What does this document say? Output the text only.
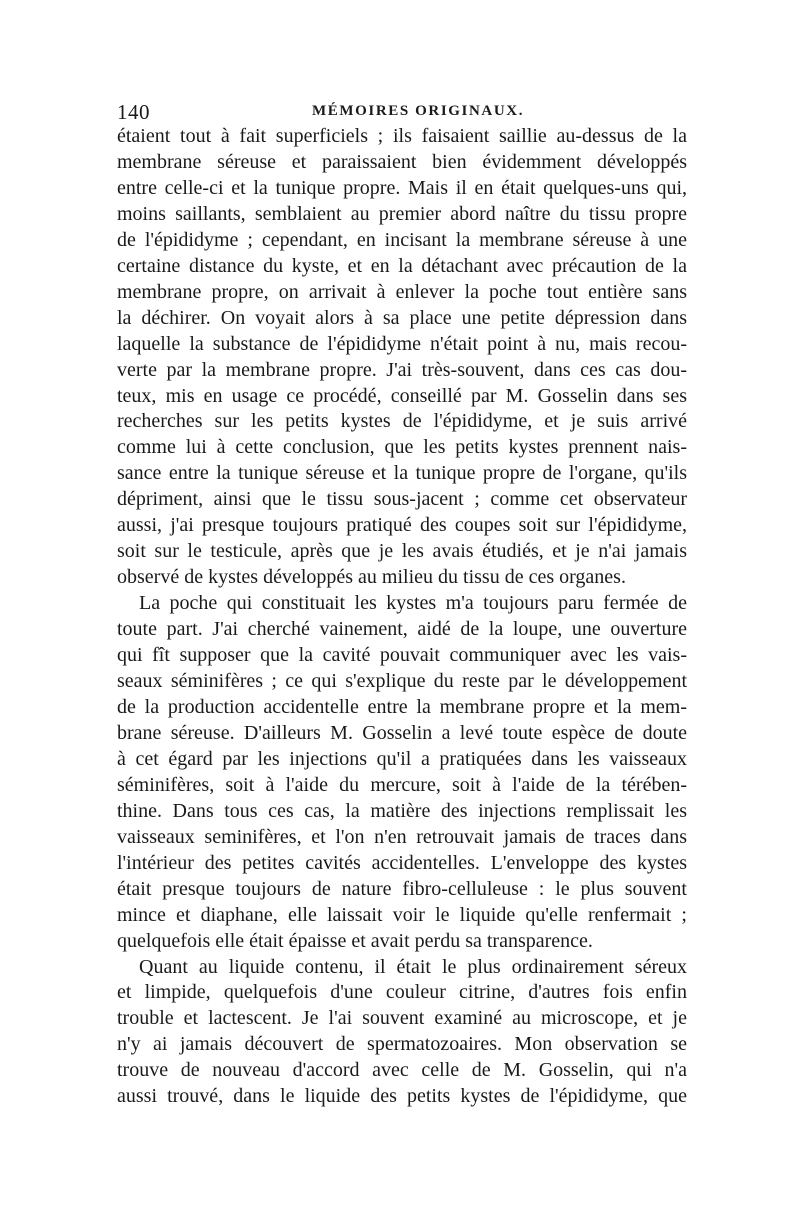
140	MÉMOIRES ORIGINAUX.
étaient tout à fait superficiels ; ils faisaient saillie au-dessus de la
membrane séreuse et paraissaient bien évidemment développés
entre celle-ci et la tunique propre. Mais il en était quelques-uns qui,
moins saillants, semblaient au premier abord naître du tissu propre
de l'épididyme ; cependant, en incisant la membrane séreuse à une
certaine distance du kyste, et en la détachant avec précaution de la
membrane propre, on arrivait à enlever la poche tout entière sans
la déchirer. On voyait alors à sa place une petite dépression dans
laquelle la substance de l'épididyme n'était point à nu, mais recou-
verte par la membrane propre. J'ai très-souvent, dans ces cas dou-
teux, mis en usage ce procédé, conseillé par M. Gosselin dans ses
recherches sur les petits kystes de l'épididyme, et je suis arrivé
comme lui à cette conclusion, que les petits kystes prennent nais-
sance entre la tunique séreuse et la tunique propre de l'organe, qu'ils
dépriment, ainsi que le tissu sous-jacent ; comme cet observateur
aussi, j'ai presque toujours pratiqué des coupes soit sur l'épididyme,
soit sur le testicule, après que je les avais étudiés, et je n'ai jamais
observé de kystes développés au milieu du tissu de ces organes.
La poche qui constituait les kystes m'a toujours paru fermée de
toute part. J'ai cherché vainement, aidé de la loupe, une ouverture
qui fît supposer que la cavité pouvait communiquer avec les vais-
seaux séminifères ; ce qui s'explique du reste par le développement
de la production accidentelle entre la membrane propre et la mem-
brane séreuse. D'ailleurs M. Gosselin a levé toute espèce de doute
à cet égard par les injections qu'il a pratiquées dans les vaisseaux
séminifères, soit à l'aide du mercure, soit à l'aide de la térében-
thine. Dans tous ces cas, la matière des injections remplissait les
vaisseaux seminifères, et l'on n'en retrouvait jamais de traces dans
l'intérieur des petites cavités accidentelles. L'enveloppe des kystes
était presque toujours de nature fibro-celluleuse : le plus souvent
mince et diaphane, elle laissait voir le liquide qu'elle renfermait ;
quelquefois elle était épaisse et avait perdu sa transparence.
Quant au liquide contenu, il était le plus ordinairement séreux
et limpide, quelquefois d'une couleur citrine, d'autres fois enfin
trouble et lactescent. Je l'ai souvent examiné au microscope, et je
n'y ai jamais découvert de spermatozoaires. Mon observation se
trouve de nouveau d'accord avec celle de M. Gosselin, qui n'a
aussi trouvé, dans le liquide des petits kystes de l'épididyme, que
